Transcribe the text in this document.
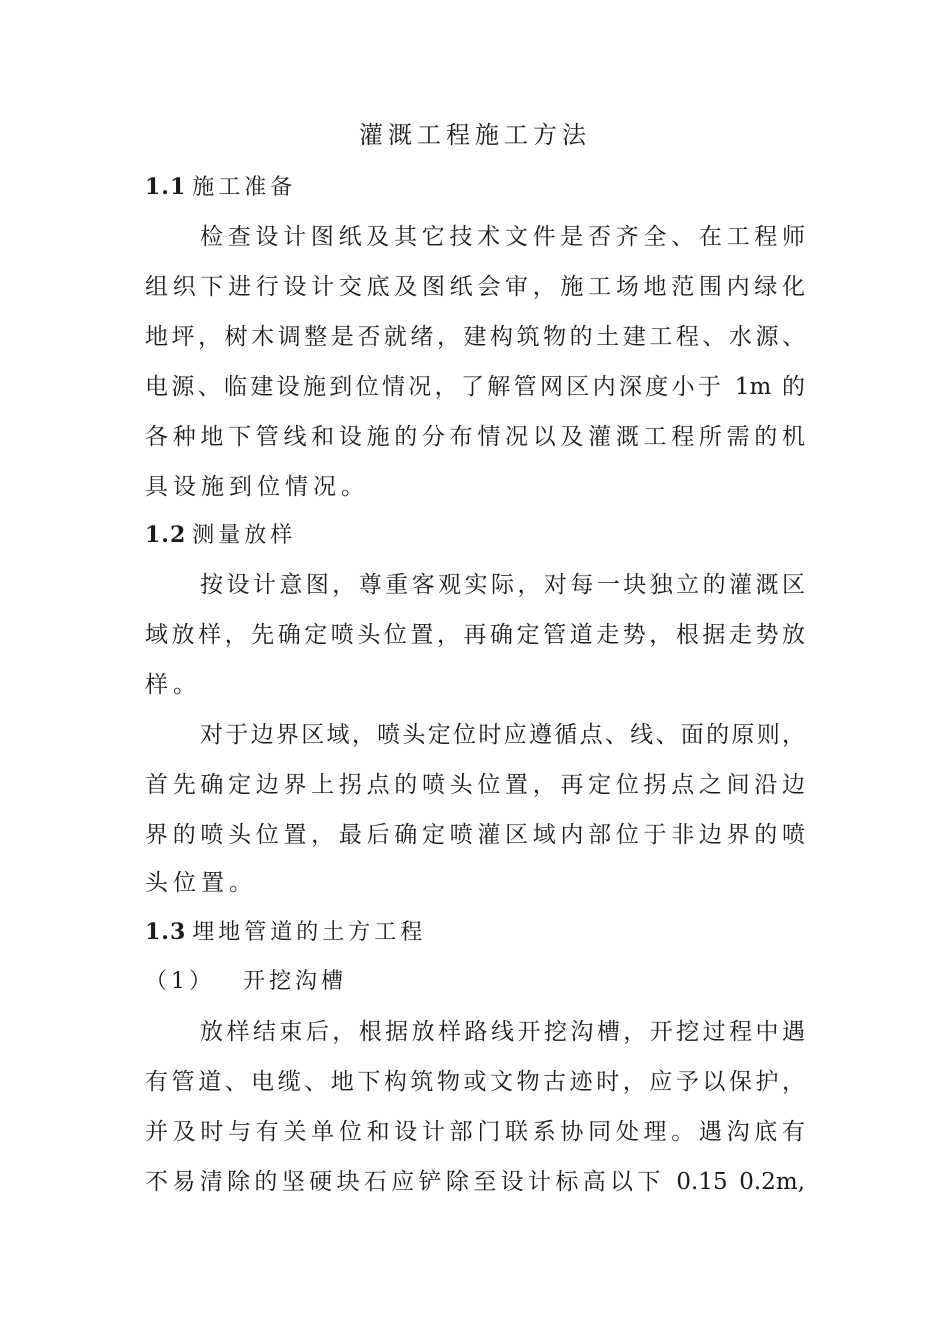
灌溉工程施工方法
1.1 施工准备
检查设计图纸及其它技术文件是否齐全、在工程师
组织下进行设计交底及图纸会审，施工场地范围内绿化
地坪，树木调整是否就绪，建构筑物的土建工程、水源、
电源、临建设施到位情况，了解管网区内深度小于 1m 的
各种地下管线和设施的分布情况以及灌溉工程所需的机
具设施到位情况。
1.2 测量放样
按设计意图，尊重客观实际，对每一块独立的灌溉区
域放样，先确定喷头位置，再确定管道走势，根据走势放
样。
对于边界区域，喷头定位时应遵循点、线、面的原则，
首先确定边界上拐点的喷头位置，再定位拐点之间沿边
界的喷头位置，最后确定喷灌区域内部位于非边界的喷
头位置。
1.3 埋地管道的土方工程
（1） 开挖沟槽
放样结束后，根据放样路线开挖沟槽，开挖过程中遇
有管道、电缆、地下构筑物或文物古迹时，应予以保护，
并及时与有关单位和设计部门联系协同处理。遇沟底有
不易清除的坚硬块石应铲除至设计标高以下 0.15 0.2m,
